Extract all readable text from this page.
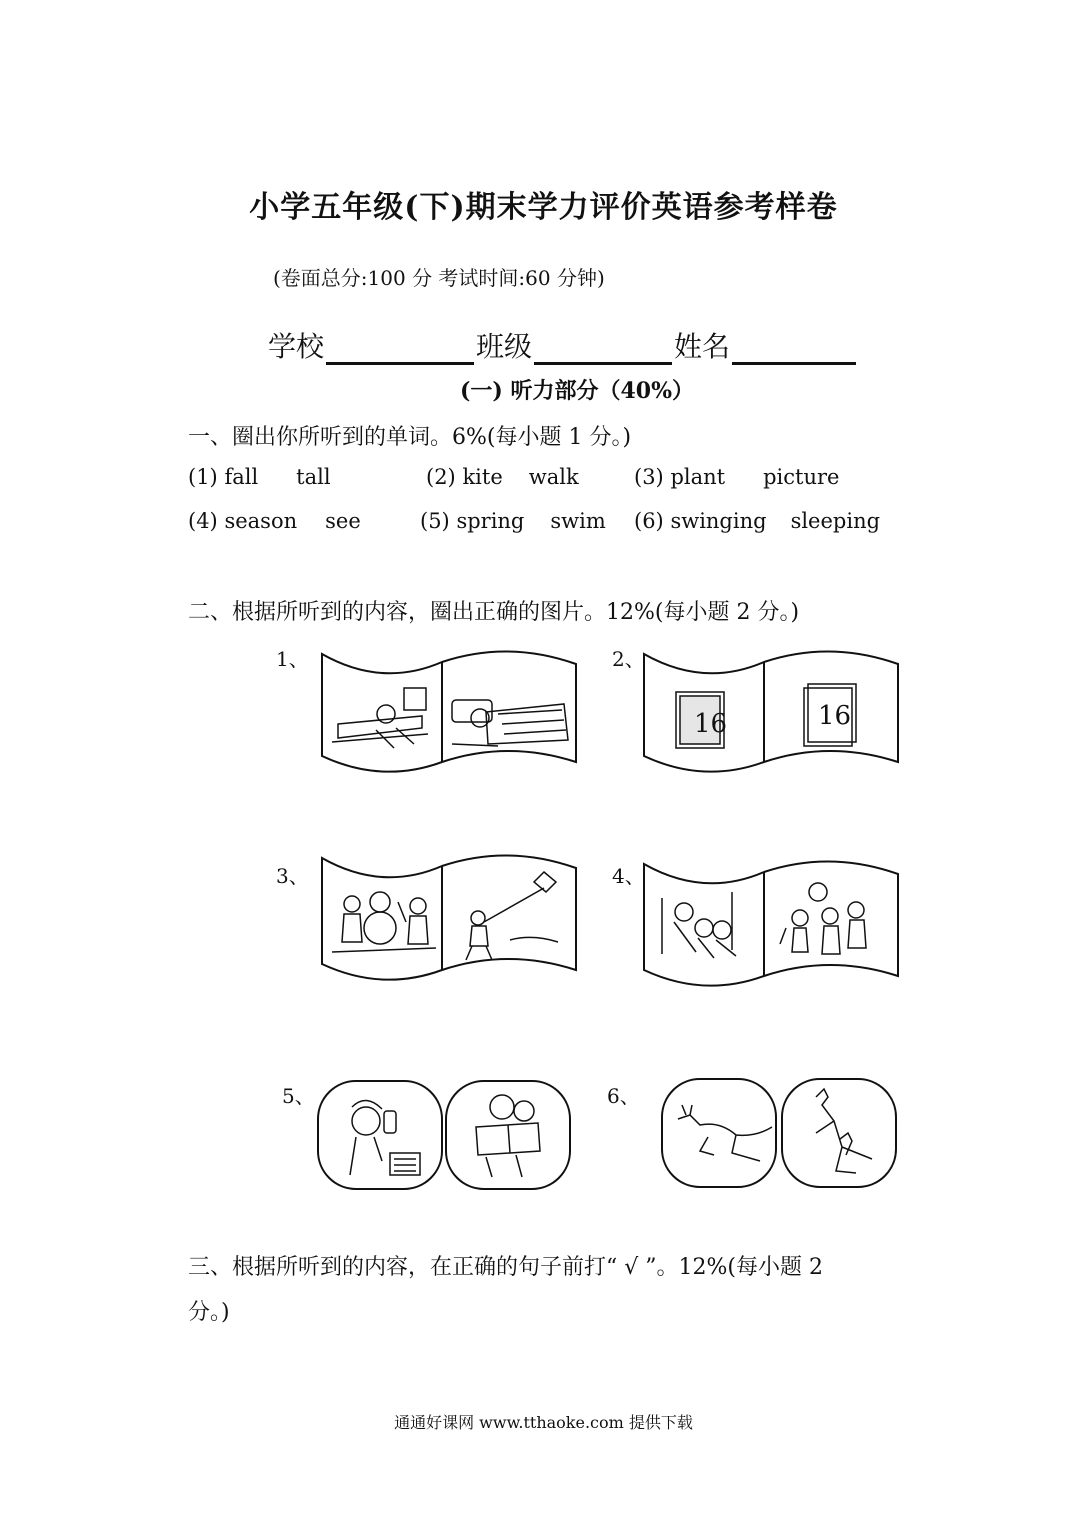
小学五年级(下)期末学力评价英语参考样卷
(卷面总分:100 分 考试时间:60 分钟)
学校	班级	姓名
(一) 听力部分（40%）
一、圈出你所听到的单词。6%(每小题 1 分。)
(1) fall tall	(2) kite walk	(3) plant picture
(4) season see	(5) spring swim (6) swinging sleeping
二、根据所听到的内容，圈出正确的图片。12%(每小题 2 分。)
1、	2、
3、	4、
5、	6、
16	16
三、根据所听到的内容，在正确的句子前打“ √ ”。12%(每小题 2
分。)
通通好课网 www.tthaoke.com 提供下载
